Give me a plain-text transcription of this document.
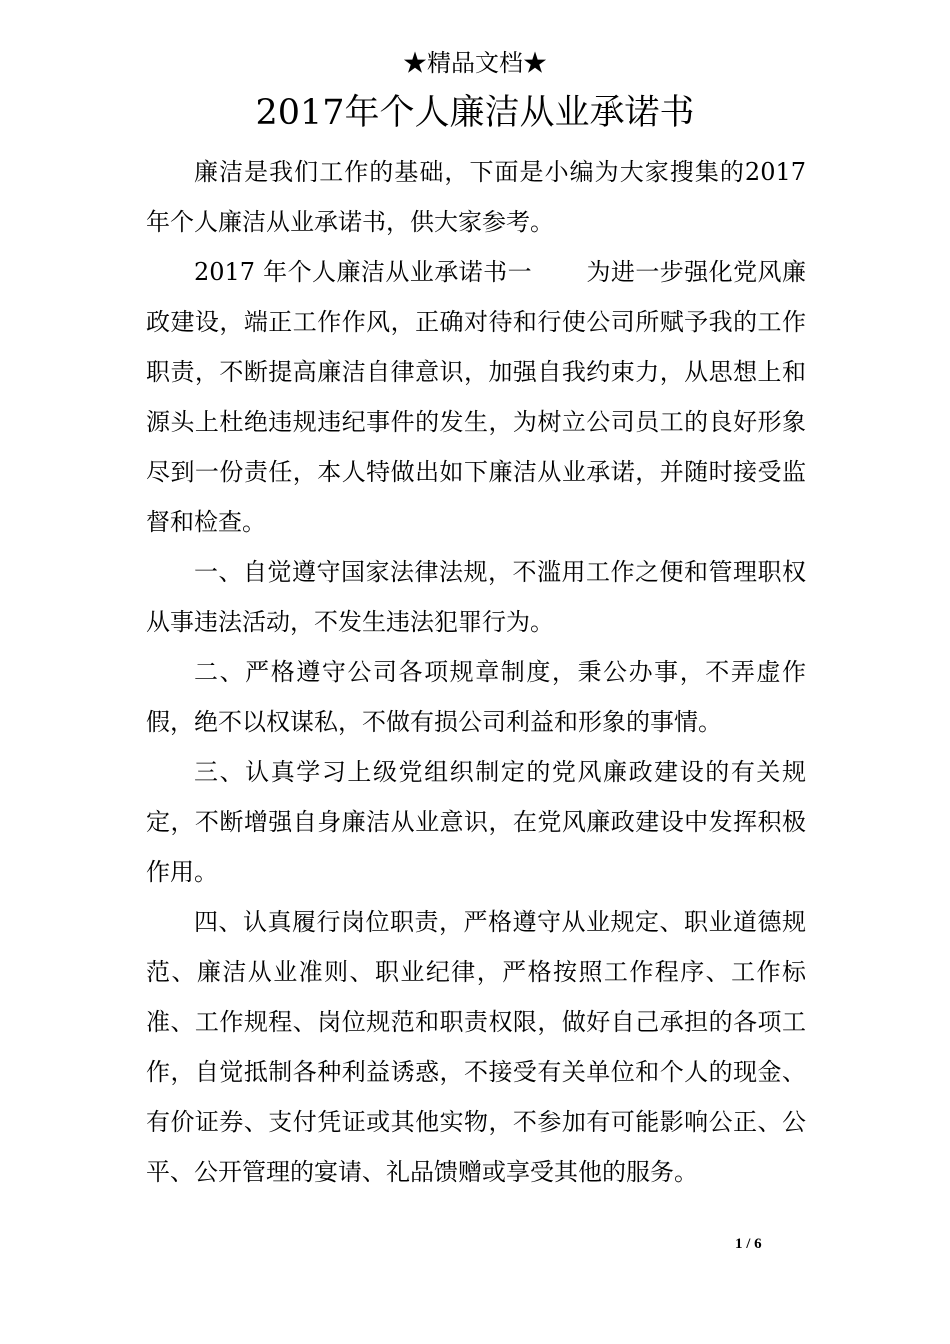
★精品文档★
2017年个人廉洁从业承诺书

廉洁是我们工作的基础，下面是小编为大家搜集的2017年个人廉洁从业承诺书，供大家参考。

2017 年个人廉洁从业承诺书一 为进一步强化党风廉政建设，端正工作作风，正确对待和行使公司所赋予我的工作职责，不断提高廉洁自律意识，加强自我约束力，从思想上和源头上杜绝违规违纪事件的发生，为树立公司员工的良好形象尽到一份责任，本人特做出如下廉洁从业承诺，并随时接受监督和检查。

一、自觉遵守国家法律法规，不滥用工作之便和管理职权从事违法活动，不发生违法犯罪行为。

二、严格遵守公司各项规章制度，秉公办事，不弄虚作假，绝不以权谋私，不做有损公司利益和形象的事情。

三、认真学习上级党组织制定的党风廉政建设的有关规定，不断增强自身廉洁从业意识，在党风廉政建设中发挥积极作用。

四、认真履行岗位职责，严格遵守从业规定、职业道德规范、廉洁从业准则、职业纪律，严格按照工作程序、工作标准、工作规程、岗位规范和职责权限，做好自己承担的各项工作，自觉抵制各种利益诱惑，不接受有关单位和个人的现金、有价证券、支付凭证或其他实物，不参加有可能影响公正、公平、公开管理的宴请、礼品馈赠或享受其他的服务。

1 / 6
